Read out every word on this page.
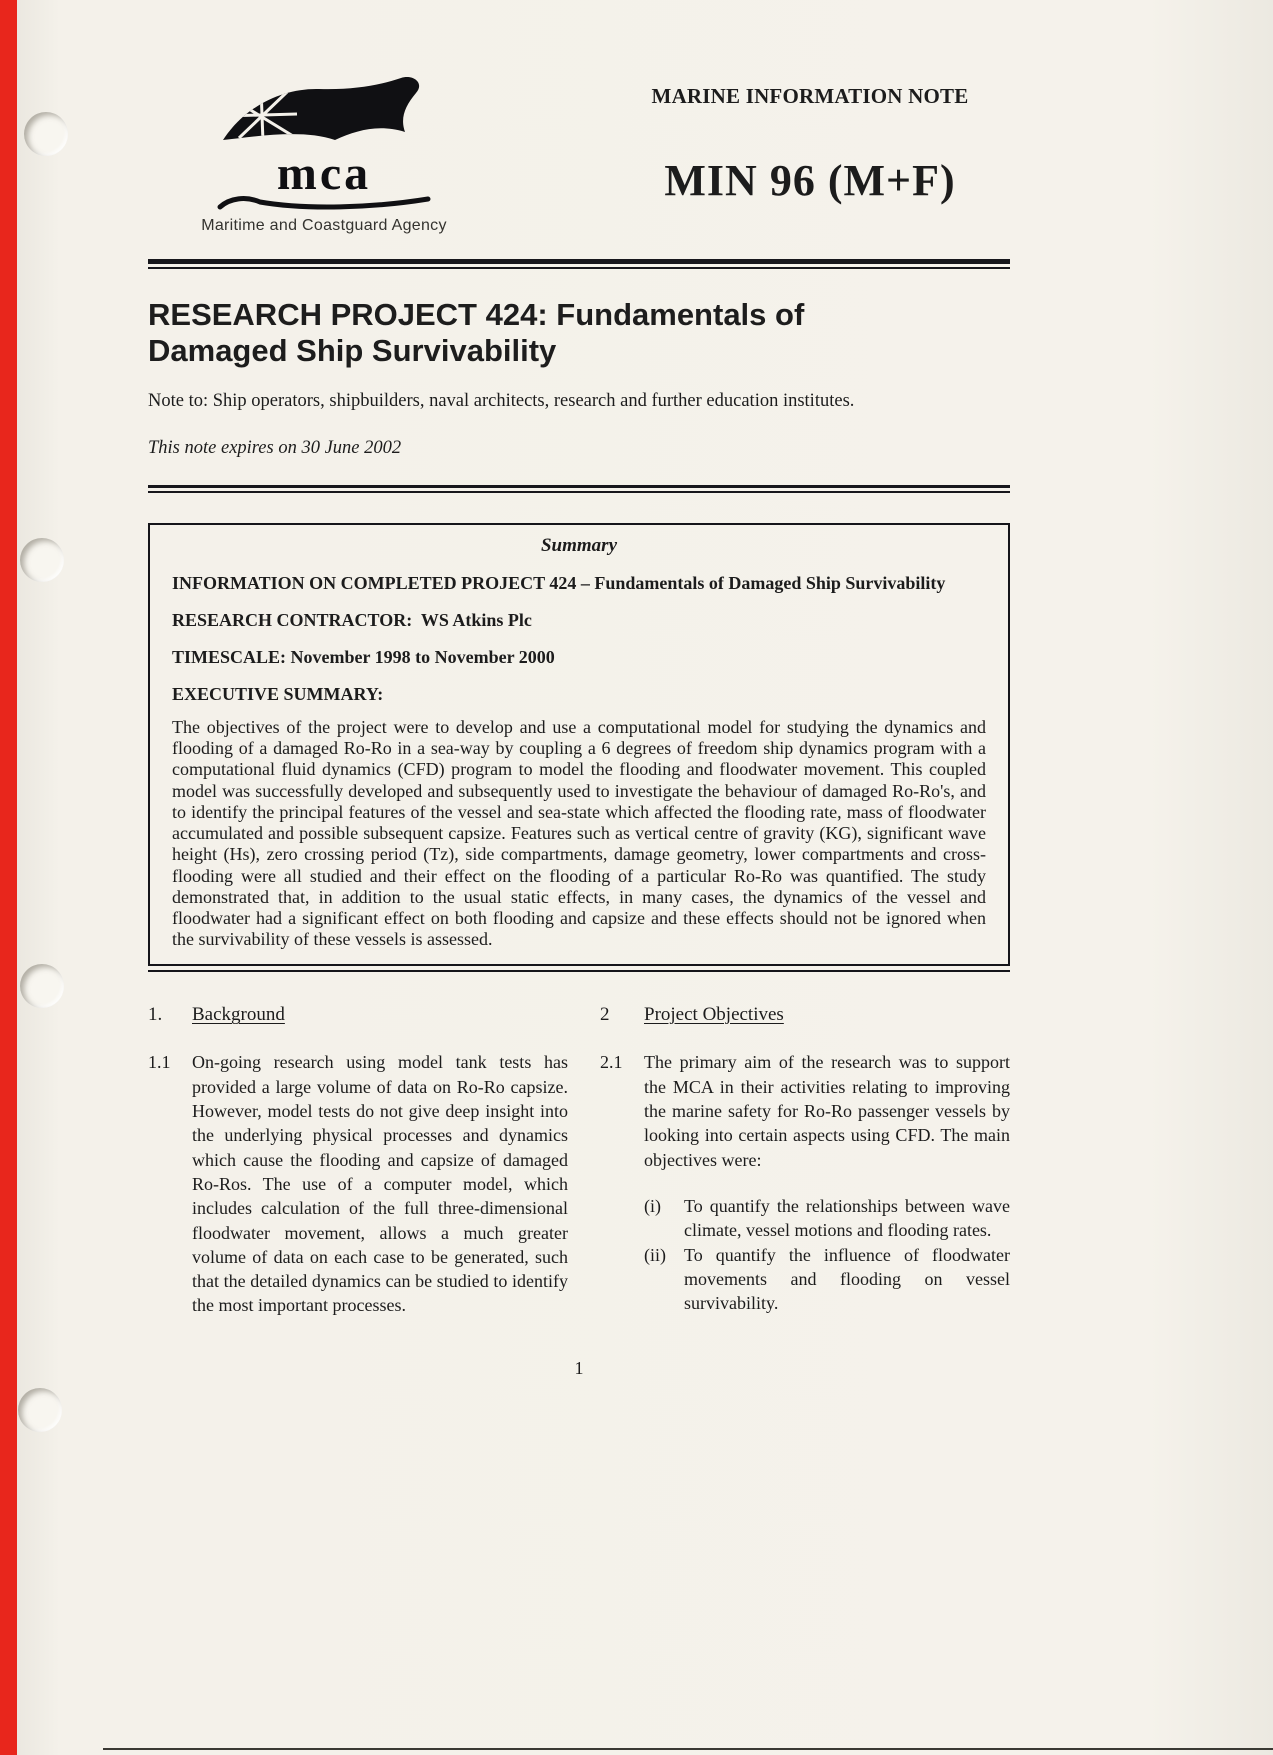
mca
Maritime and Coastguard Agency
MARINE INFORMATION NOTE
MIN 96 (M+F)
RESEARCH PROJECT 424: Fundamentals of Damaged Ship Survivability

Note to: Ship operators, shipbuilders, naval architects, research and further education institutes.

This note expires on 30 June 2002

Summary

INFORMATION ON COMPLETED PROJECT 424 – Fundamentals of Damaged Ship Survivability

RESEARCH CONTRACTOR:  WS Atkins Plc

TIMESCALE: November 1998 to November 2000

EXECUTIVE SUMMARY:

The objectives of the project were to develop and use a computational model for studying the dynamics and flooding of a damaged Ro-Ro in a sea-way by coupling a 6 degrees of freedom ship dynamics program with a computational fluid dynamics (CFD) program to model the flooding and floodwater movement. This coupled model was successfully developed and subsequently used to investigate the behaviour of damaged Ro-Ro's, and to identify the principal features of the vessel and sea-state which affected the flooding rate, mass of floodwater accumulated and possible subsequent capsize. Features such as vertical centre of gravity (KG), significant wave height (Hs), zero crossing period (Tz), side compartments, damage geometry, lower compartments and cross-flooding were all studied and their effect on the flooding of a particular Ro-Ro was quantified. The study demonstrated that, in addition to the usual static effects, in many cases, the dynamics of the vessel and floodwater had a significant effect on both flooding and capsize and these effects should not be ignored when the survivability of these vessels is assessed.

1.	Background
1.1	On-going research using model tank tests has provided a large volume of data on Ro-Ro capsize. However, model tests do not give deep insight into the underlying physical processes and dynamics which cause the flooding and capsize of damaged Ro-Ros. The use of a computer model, which includes calculation of the full three-dimensional floodwater movement, allows a much greater volume of data on each case to be generated, such that the detailed dynamics can be studied to identify the most important processes.
2	Project Objectives
2.1	The primary aim of the research was to support the MCA in their activities relating to improving the marine safety for Ro-Ro passenger vessels by looking into certain aspects using CFD. The main objectives were:
(i)	To quantify the relationships between wave climate, vessel motions and flooding rates.
(ii)	To quantify the influence of floodwater movements and flooding on vessel survivability.
1
